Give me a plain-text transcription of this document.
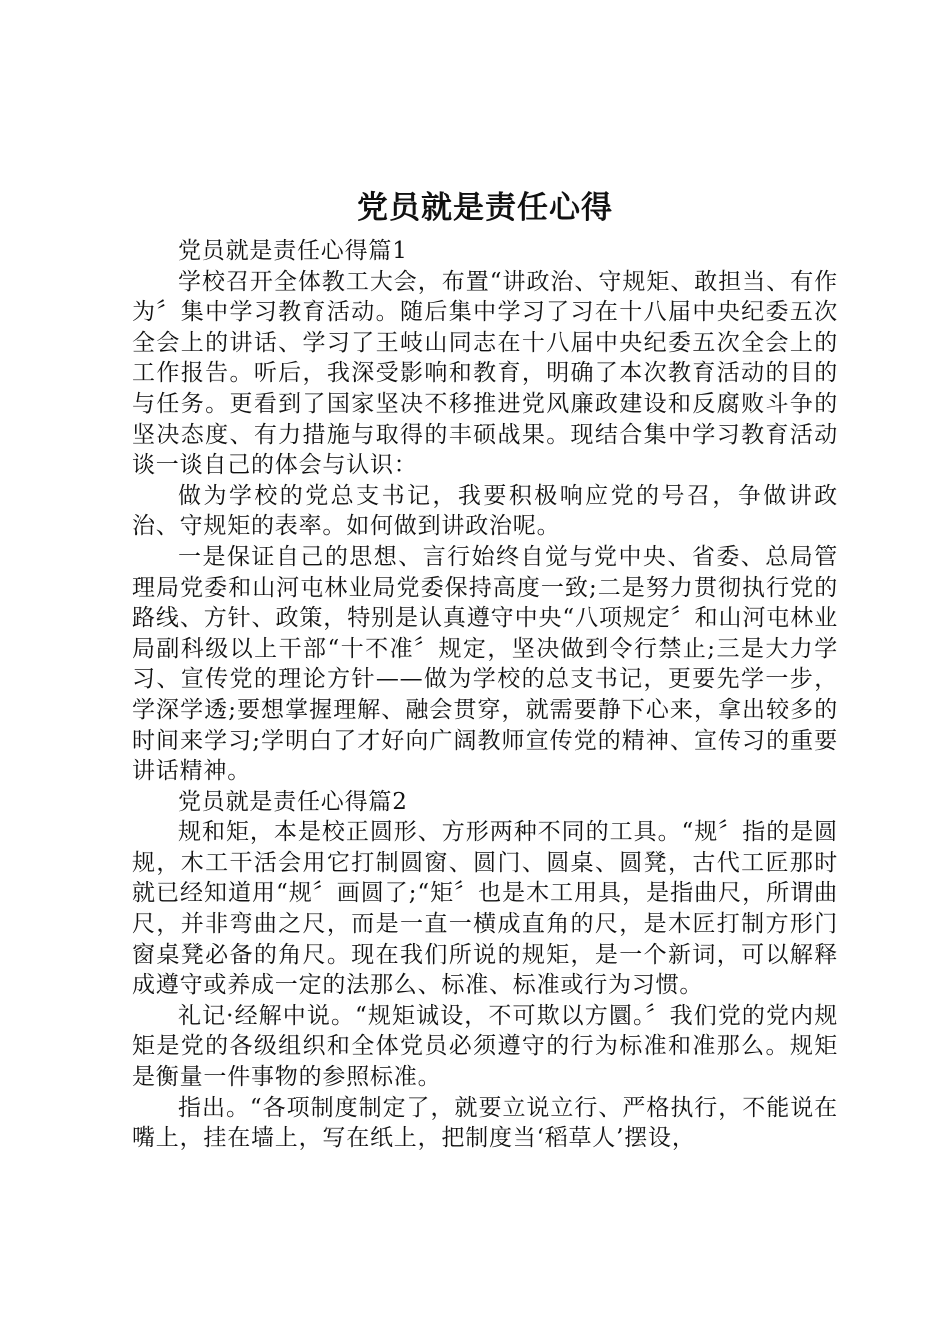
党员就是责任心得

党员就是责任心得篇1

学校召开全体教工大会，布置“讲政治、守规矩、敢担当、有作为〞集中学习教育活动。随后集中学习了习在十八届中央纪委五次全会上的讲话、学习了王岐山同志在十八届中央纪委五次全会上的工作报告。听后，我深受影响和教育，明确了本次教育活动的目的与任务。更看到了国家坚决不移推进党风廉政建设和反腐败斗争的坚决态度、有力措施与取得的丰硕战果。现结合集中学习教育活动谈一谈自己的体会与认识：

做为学校的党总支书记，我要积极响应党的号召，争做讲政治、守规矩的表率。如何做到讲政治呢。

一是保证自己的思想、言行始终自觉与党中央、省委、总局管理局党委和山河屯林业局党委保持高度一致;二是努力贯彻执行党的路线、方针、政策，特别是认真遵守中央“八项规定〞和山河屯林业局副科级以上干部“十不准〞规定，坚决做到令行禁止;三是大力学习、宣传党的理论方针——做为学校的总支书记，更要先学一步，学深学透;要想掌握理解、融会贯穿，就需要静下心来，拿出较多的时间来学习;学明白了才好向广阔教师宣传党的精神、宣传习的重要讲话精神。

党员就是责任心得篇2

规和矩，本是校正圆形、方形两种不同的工具。“规〞指的是圆规，木工干活会用它打制圆窗、圆门、圆桌、圆凳，古代工匠那时就已经知道用“规〞画圆了;“矩〞也是木工用具，是指曲尺，所谓曲尺，并非弯曲之尺，而是一直一横成直角的尺，是木匠打制方形门窗桌凳必备的角尺。现在我们所说的规矩，是一个新词，可以解释成遵守或养成一定的法那么、标准、标准或行为习惯。

礼记·经解中说。“规矩诚设，不可欺以方圜。〞我们党的党内规矩是党的各级组织和全体党员必须遵守的行为标准和准那么。规矩是衡量一件事物的参照标准。

指出。“各项制度制定了，就要立说立行、严格执行，不能说在嘴上，挂在墙上，写在纸上，把制度当‘稻草人’摆设，
